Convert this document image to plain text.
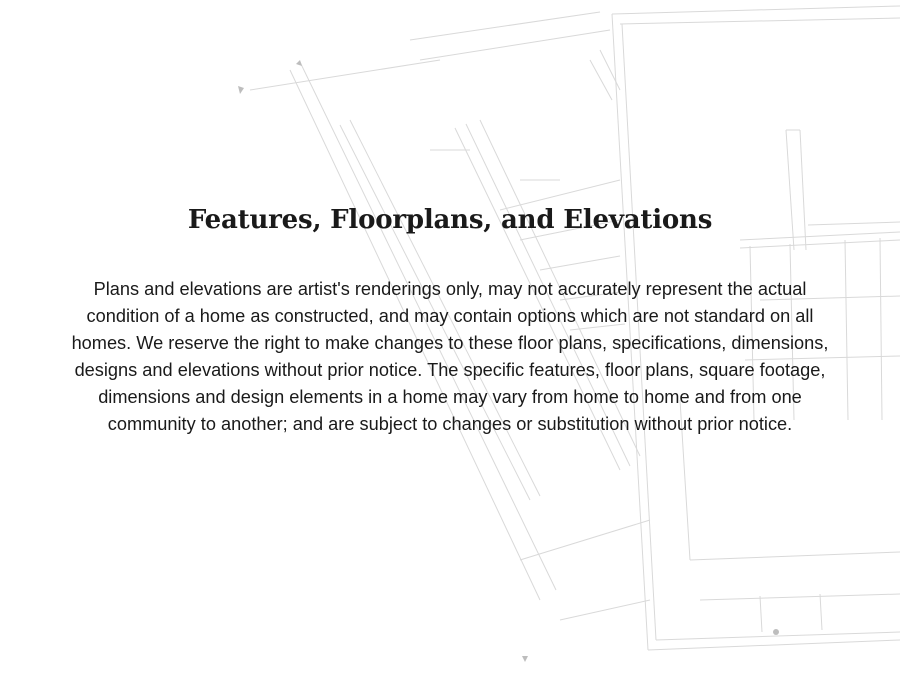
Features, Floorplans, and Elevations

Plans and elevations are artist's renderings only, may not accurately represent the actual condition of a home as constructed, and may contain options which are not standard on all homes. We reserve the right to make changes to these floor plans, specifications, dimensions, designs and elevations without prior notice. The specific features, floor plans, square footage, dimensions and design elements in a home may vary from home to home and from one community to another; and are subject to changes or substitution without prior notice.
